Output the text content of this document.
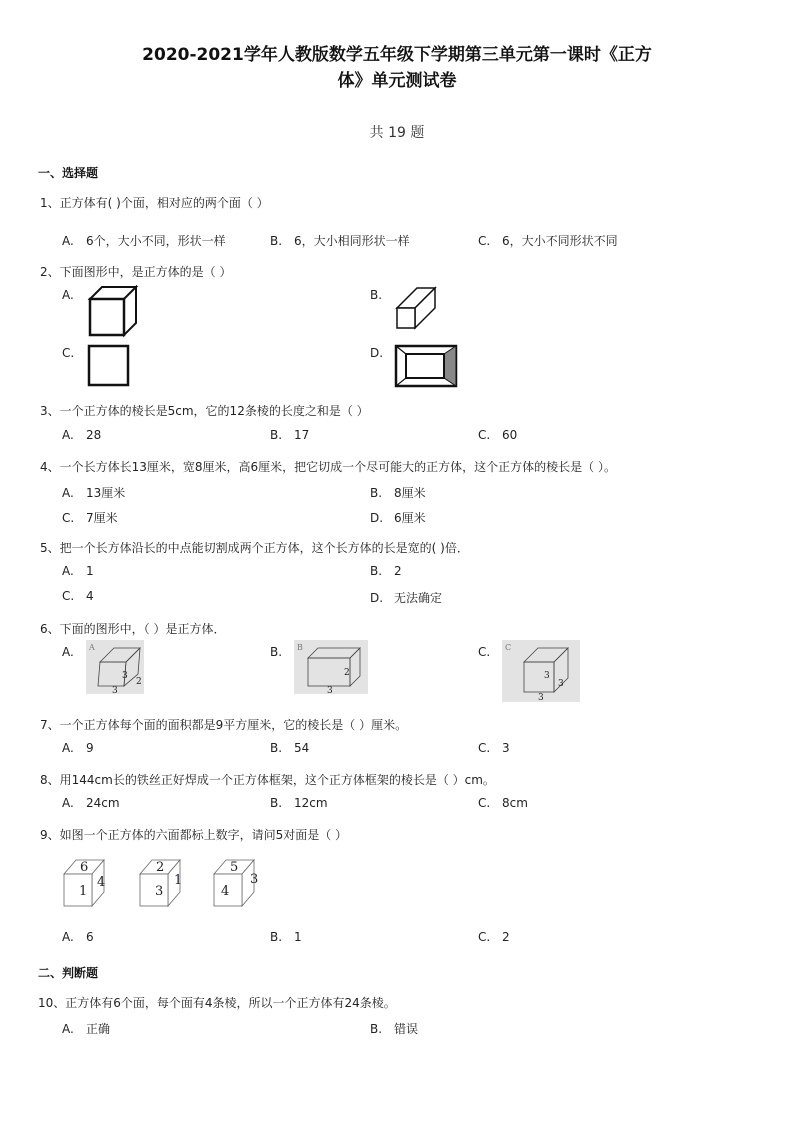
2020-2021学年人教版数学五年级下学期第三单元第一课时《正方
体》单元测试卷
共 19 题
一、选择题
1、正方体有( )个面，相对应的两个面（ ）
A. 6个，大小不同，形状一样	B. 6，大小相同形状一样	C. 6，大小不同形状不同
2、下面图形中，是正方体的是（ ）
A.	B.
C.	D.
3、一个正方体的棱长是5cm，它的12条棱的长度之和是（ ）
A. 28	B. 17	C. 60
4、一个长方体长13厘米，宽8厘米，高6厘米，把它切成一个尽可能大的正方体，这个正方体的棱长是（ ）。
A. 13厘米	B. 8厘米
C. 7厘米	D. 6厘米
5、把一个长方体沿长的中点能切割成两个正方体，这个长方体的长是宽的( )倍．
A. 1	B. 2
C. 4	D. 无法确定
6、下面的图形中，（ ）是正方体．
A. A
3
2
3
B. B
2
3
C. C
3
3
3
7、一个正方体每个面的面积都是9平方厘米，它的棱长是（ ）厘米。
A. 9	B. 54	C. 3
8、用144cm长的铁丝正好焊成一个正方体框架，这个正方体框架的棱长是（ ）cm。
A. 24cm	B. 12cm	C. 8cm
9、如图一个正方体的六面都标上数字，请问5对面是（ ）
6
1
4
2
3
1
5
4
3
A. 6	B. 1	C. 2
二、判断题
10、正方体有6个面，每个面有4条棱，所以一个正方体有24条棱。
A. 正确	B. 错误
